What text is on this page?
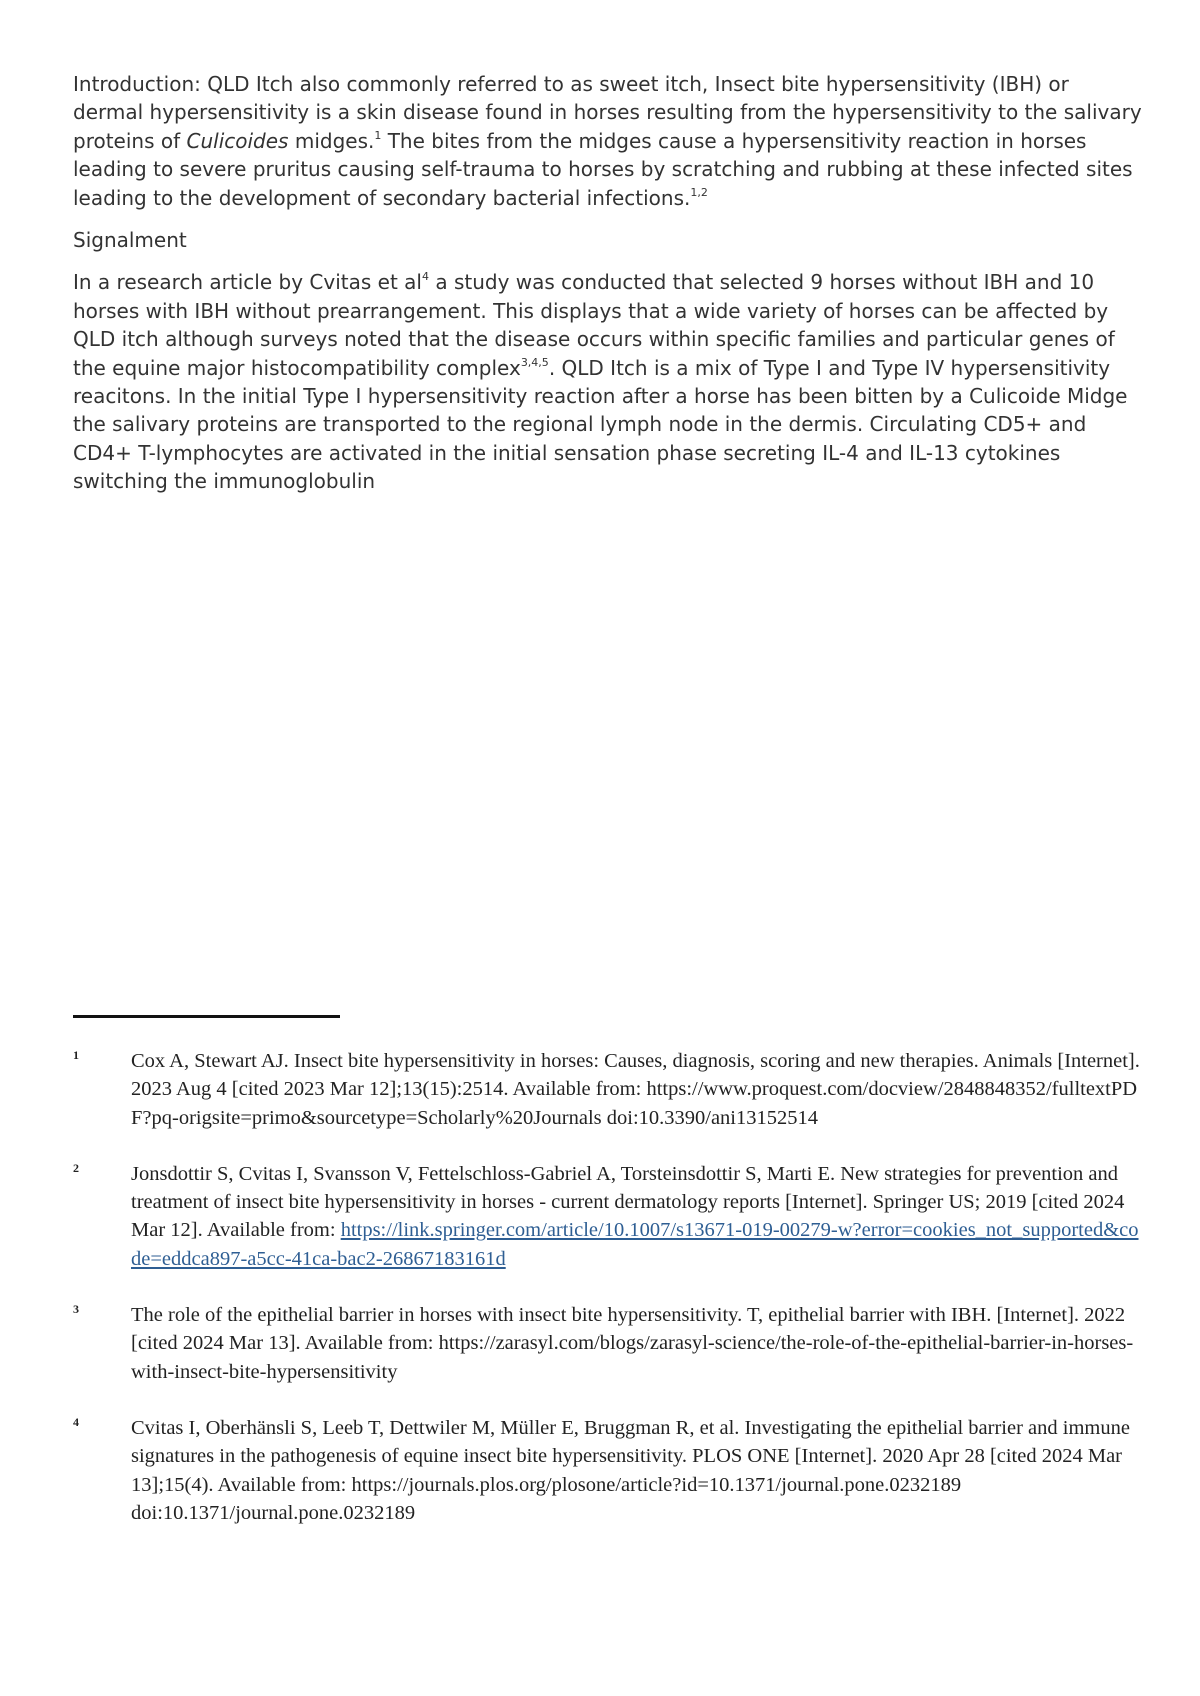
Introduction: QLD Itch also commonly referred to as sweet itch, Insect bite hypersensitivity (IBH) or dermal hypersensitivity is a skin disease found in horses resulting from the hypersensitivity to the salivary proteins of Culicoides midges.$^1$ The bites from the midges cause a hypersensitivity reaction in horses leading to severe pruritus causing self-trauma to horses by scratching and rubbing at these infected sites leading to the development of secondary bacterial infections.$^{1,2}$

Signalment

In a research article by Cvitas et $al^4$ a study was conducted that selected 9 horses without IBH and 10 horses with IBH without prearrangement. This displays that a wide variety of horses can be affected by QLD itch although surveys noted that the disease occurs within specific families and particular genes of the equine major histocompatibility complex$^{3,4,5}$. QLD Itch is a mix of Type I and Type IV hypersensitivity reacitons. In the initial Type I hypersensitivity reaction after a horse has been bitten by a Culicoide Midge the salivary proteins are transported to the regional lymph node in the dermis. Circulating CD5+ and CD4+ T-lymphocytes are activated in the initial sensation phase secreting IL-4 and IL-13 cytokines switching the immunoglobulin

1	Cox A, Stewart AJ. Insect bite hypersensitivity in horses: Causes, diagnosis, scoring and new therapies. Animals [Internet]. 2023 Aug 4 [cited 2023 Mar 12];13(15):2514. Available from: https://www.proquest.com/docview/2848848352/fulltextPDF?pq-origsite=primo&sourcetype=Scholarly%20Journals doi:10.3390/ani13152514
2	Jonsdottir S, Cvitas I, Svansson V, Fettelschloss-Gabriel A, Torsteinsdottir S, Marti E. New strategies for prevention and treatment of insect bite hypersensitivity in horses - current dermatology reports [Internet]. Springer US; 2019 [cited 2024 Mar 12]. Available from: https://link.springer.com/article/10.1007/s13671-019-00279-w?error=cookies_not_supported&code=eddca897-a5cc-41ca-bac2-26867183161d
3	The role of the epithelial barrier in horses with insect bite hypersensitivity. T, epithelial barrier with IBH. [Internet]. 2022 [cited 2024 Mar 13]. Available from: https://zarasyl.com/blogs/zarasyl-science/the-role-of-the-epithelial-barrier-in-horses-with-insect-bite-hypersensitivity
4	Cvitas I, Oberhänsli S, Leeb T, Dettwiler M, Müller E, Bruggman R, et al. Investigating the epithelial barrier and immune signatures in the pathogenesis of equine insect bite hypersensitivity. PLOS ONE [Internet]. 2020 Apr 28 [cited 2024 Mar 13];15(4). Available from: https://journals.plos.org/plosone/article?id=10.1371/journal.pone.0232189 doi:10.1371/journal.pone.0232189
